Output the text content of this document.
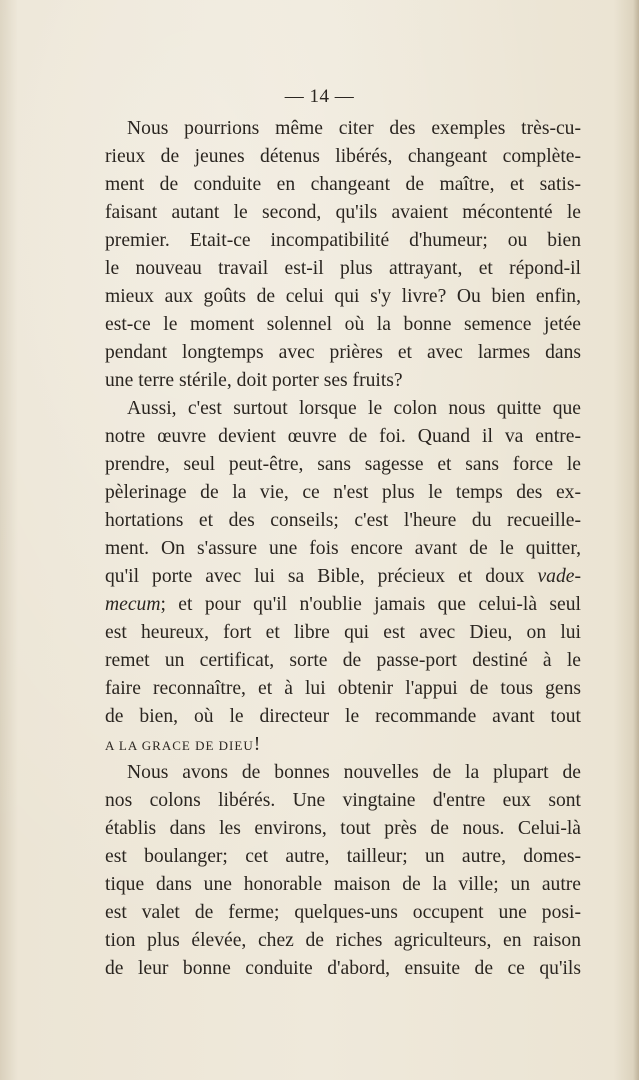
— 14 —
Nous pourrions même citer des exemples très-cu-
rieux de jeunes détenus libérés, changeant complète-
ment de conduite en changeant de maître, et satis-
faisant autant le second, qu'ils avaient mécontenté le
premier. Etait-ce incompatibilité d'humeur; ou bien
le nouveau travail est-il plus attrayant, et répond-il
mieux aux goûts de celui qui s'y livre? Ou bien enfin,
est-ce le moment solennel où la bonne semence jetée
pendant longtemps avec prières et avec larmes dans
une terre stérile, doit porter ses fruits?
Aussi, c'est surtout lorsque le colon nous quitte que
notre œuvre devient œuvre de foi. Quand il va entre-
prendre, seul peut-être, sans sagesse et sans force le
pèlerinage de la vie, ce n'est plus le temps des ex-
hortations et des conseils; c'est l'heure du recueille-
ment. On s'assure une fois encore avant de le quitter,
qu'il porte avec lui sa Bible, précieux et doux vade-
mecum; et pour qu'il n'oublie jamais que celui-là seul
est heureux, fort et libre qui est avec Dieu, on lui
remet un certificat, sorte de passe-port destiné à le
faire reconnaître, et à lui obtenir l'appui de tous gens
de bien, où le directeur le recommande avant tout
A LA GRACE DE DIEU!
Nous avons de bonnes nouvelles de la plupart de
nos colons libérés. Une vingtaine d'entre eux sont
établis dans les environs, tout près de nous. Celui-là
est boulanger; cet autre, tailleur; un autre, domes-
tique dans une honorable maison de la ville; un autre
est valet de ferme; quelques-uns occupent une posi-
tion plus élevée, chez de riches agriculteurs, en raison
de leur bonne conduite d'abord, ensuite de ce qu'ils
